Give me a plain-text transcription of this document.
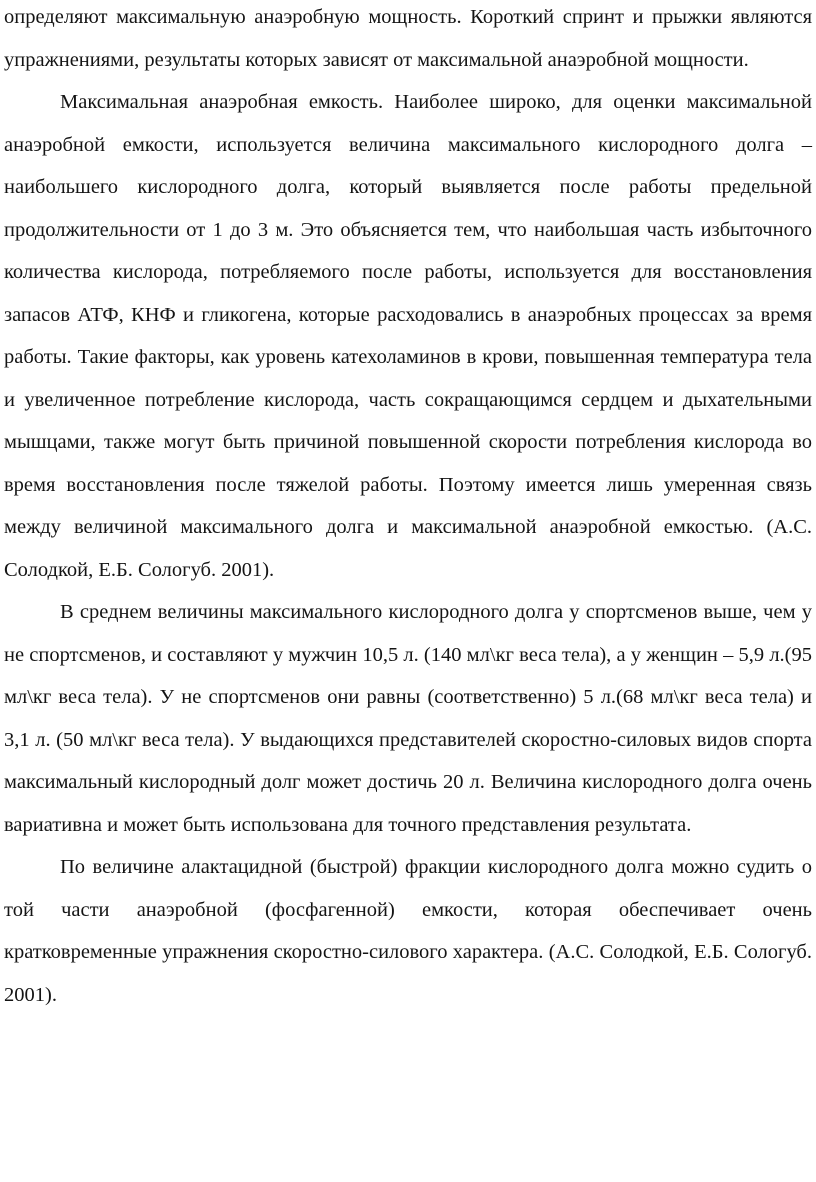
определяют максимальную анаэробную мощность. Короткий спринт и прыжки являются упражнениями, результаты которых зависят от максимальной анаэробной мощности.

Максимальная анаэробная емкость. Наиболее широко, для оценки максимальной анаэробной емкости, используется величина максимального кислородного долга – наибольшего кислородного долга, который выявляется после работы предельной продолжительности от 1 до 3 м. Это объясняется тем, что наибольшая часть избыточного количества кислорода, потребляемого после работы, используется для восстановления запасов АТФ, КНФ и гликогена, которые расходовались в анаэробных процессах за время работы. Такие факторы, как уровень катехоламинов в крови, повышенная температура тела и увеличенное потребление кислорода, часть сокращающимся сердцем и дыхательными мышцами, также могут быть причиной повышенной скорости потребления кислорода во время восстановления после тяжелой работы. Поэтому имеется лишь умеренная связь между величиной максимального долга и максимальной анаэробной емкостью. (А.С. Солодкой, Е.Б. Сологуб. 2001).

В среднем величины максимального кислородного долга у спортсменов выше, чем у не спортсменов, и составляют у мужчин 10,5 л. (140 мл\кг веса тела), а у женщин – 5,9 л.(95 мл\кг веса тела). У не спортсменов они равны (соответственно) 5 л.(68 мл\кг веса тела) и 3,1 л. (50 мл\кг веса тела). У выдающихся представителей скоростно-силовых видов спорта максимальный кислородный долг может достичь 20 л. Величина кислородного долга очень вариативна и может быть использована для точного представления результата.

По величине алактацидной (быстрой) фракции кислородного долга можно судить о той части анаэробной (фосфагенной) емкости, которая обеспечивает очень кратковременные упражнения скоростно-силового характера. (А.С. Солодкой, Е.Б. Сологуб. 2001).
